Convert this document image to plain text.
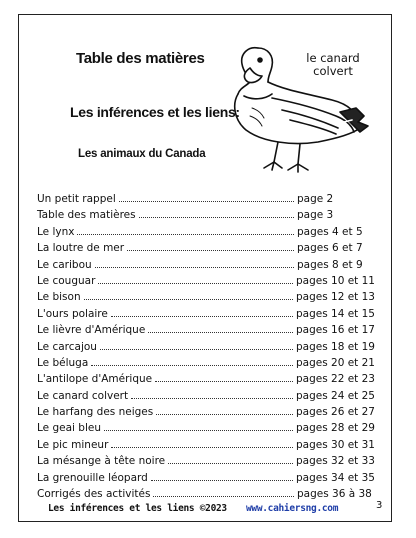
Table des matières
Les inférences et les liens:
Les animaux du Canada
le canard
colvert
Un petit rappel	page 2
Table des matières	page 3
Le lynx	pages 4 et 5
La loutre de mer	pages 6 et 7
Le caribou	pages 8 et 9
Le couguar	pages 10 et 11
Le bison	pages 12 et 13
L'ours polaire	pages 14 et 15
Le lièvre d'Amérique	pages 16 et 17
Le carcajou	pages 18 et 19
Le béluga	pages 20 et 21
L'antilope d'Amérique	pages 22 et 23
Le canard colvert	pages 24 et 25
Le harfang des neiges	pages 26 et 27
Le geai bleu	pages 28 et 29
Le pic mineur	pages 30 et 31
La mésange à tête noire	pages 32 et 33
La grenouille léopard	pages 34 et 35
Corrigés des activités	pages 36 à 38
Les inférences et les liens ©2023 www.cahiersng.com	3
